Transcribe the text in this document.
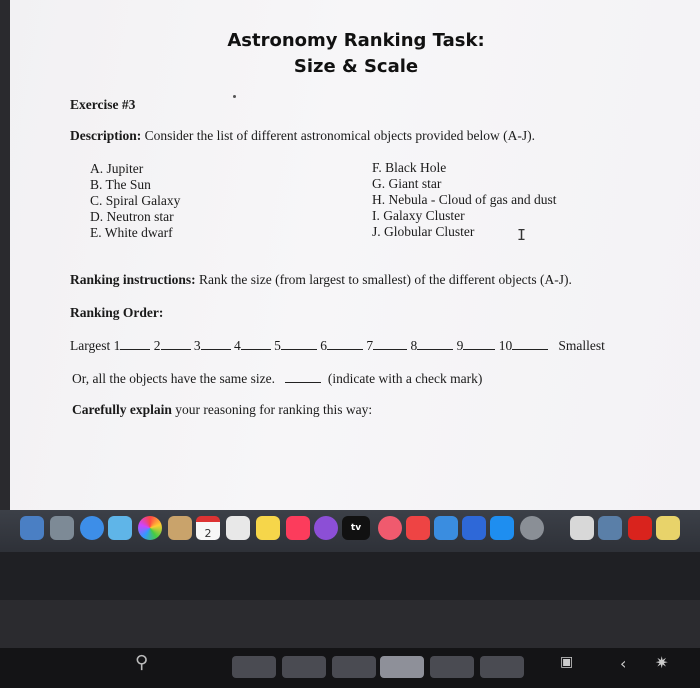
Astronomy Ranking Task:
Size & Scale
Exercise #3
Description: Consider the list of different astronomical objects provided below (A-J).
A. Jupiter
B. The Sun
C. Spiral Galaxy
D. Neutron star
E. White dwarf
F. Black Hole
G. Giant star
H. Nebula - Cloud of gas and dust
I. Galaxy Cluster
J. Globular Cluster	I
Ranking instructions: Rank the size (from largest to smallest) of the different objects (A-J).
Ranking Order:
Largest 1 2 3 4 5	6	7	8	9	10	Smallest
Or, all the objects have the same size.	(indicate with a check mark)
Carefully explain your reasoning for ranking this way:
2	tv
⚲	▣	‹ ✷
